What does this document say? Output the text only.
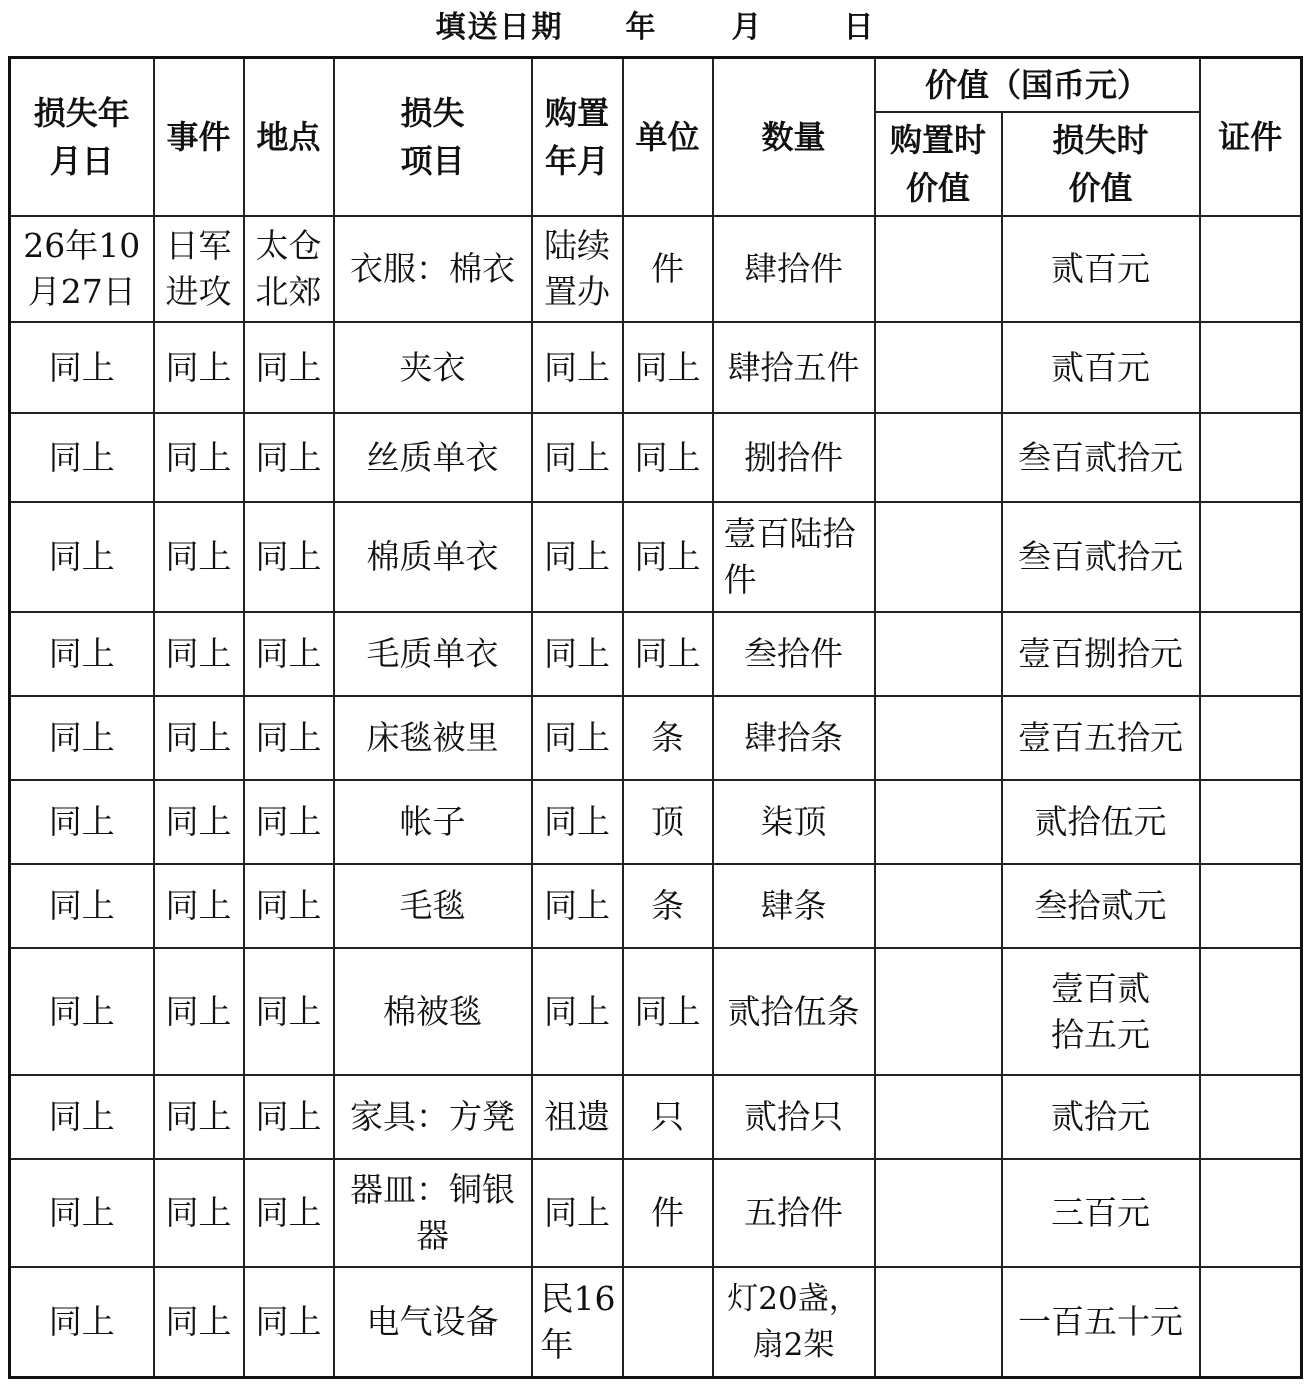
填送日期 年 月	日
损失年月日	事件	地点	损失项目	购置年月	单位	数量	价值（国币元）		证件

							购置时价值	损失时价值	

26年10月27日	日军进攻	太仓北郊	衣服：棉衣	陆续置办	件	肆拾件		贰百元	
同上	同上	同上	夹衣	同上	同上	肆拾五件		贰百元	
同上	同上	同上	丝质单衣	同上	同上	捌拾件		叁百贰拾元	
同上	同上	同上	棉质单衣	同上	同上	壹百陆拾件		叁百贰拾元	
同上	同上	同上	毛质单衣	同上	同上	叁拾件		壹百捌拾元	
同上	同上	同上	床毯被里	同上	条	肆拾条		壹百五拾元	
同上	同上	同上	帐子	同上	顶	柒顶		贰拾伍元	
同上	同上	同上	毛毯	同上	条	肆条		叁拾贰元	
同上	同上	同上	棉被毯	同上	同上	贰拾伍条		壹百贰拾五元	

同上	同上	同上	家具：方凳	祖遗	只	贰拾只		贰拾元	
同上	同上	同上	器皿：铜银器	同上	件	五拾件		三百元	
同上	同上	同上	电气设备	民16年		灯20盏，扇2架		一百五十元	
